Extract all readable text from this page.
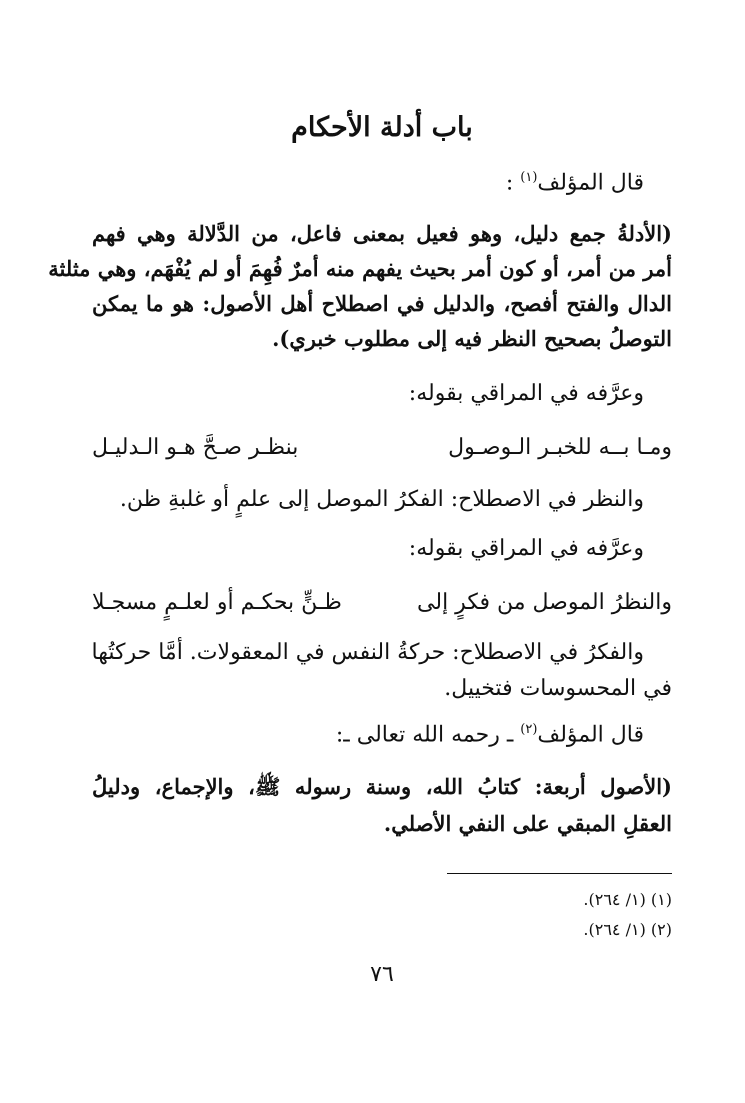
باب أدلة الأحكام
قال المؤلف$^{(١)}$ :
(الأدلةُ جمع دليل، وهو فعيل بمعنى فاعل، من الدَّلالة وهي فهم
أمر من أمر، أو كون أمر بحيث يفهم منه أمرٌ فُهِمَ أو لم يُفْهَم، وهي مثلثة
الدال والفتح أفصح، والدليل في اصطلاح أهل الأصول: هو ما يمكن
التوصلُ بصحيح النظر فيه إلى مطلوب خبري).
وعرَّفه في المراقي بقوله:
ومـا بــه للخبـر الـوصـول
بنظـر صـحَّ هـو الـدليـل
والنظر في الاصطلاح: الفكرُ الموصل إلى علمٍ أو غلبةِ ظن.
وعرَّفه في المراقي بقوله:
والنظرُ الموصل من فكرٍ إلى
ظـنٍّ بحكـم أو لعلـمٍ مسجـلا
والفكرُ في الاصطلاح: حركةُ النفس في المعقولات. أمَّا حركتُها
في المحسوسات فتخييل.
قال المؤلف$^{(٢)}$ ـ رحمه الله تعالى ـ:
(الأصول أربعة: كتابُ الله، وسنة رسوله ﷺ، والإجماع، ودليلُ
العقلِ المبقي على النفي الأصلي.
(١) (١/ ٢٦٤).
(٢) (١/ ٢٦٤).
٧٦
